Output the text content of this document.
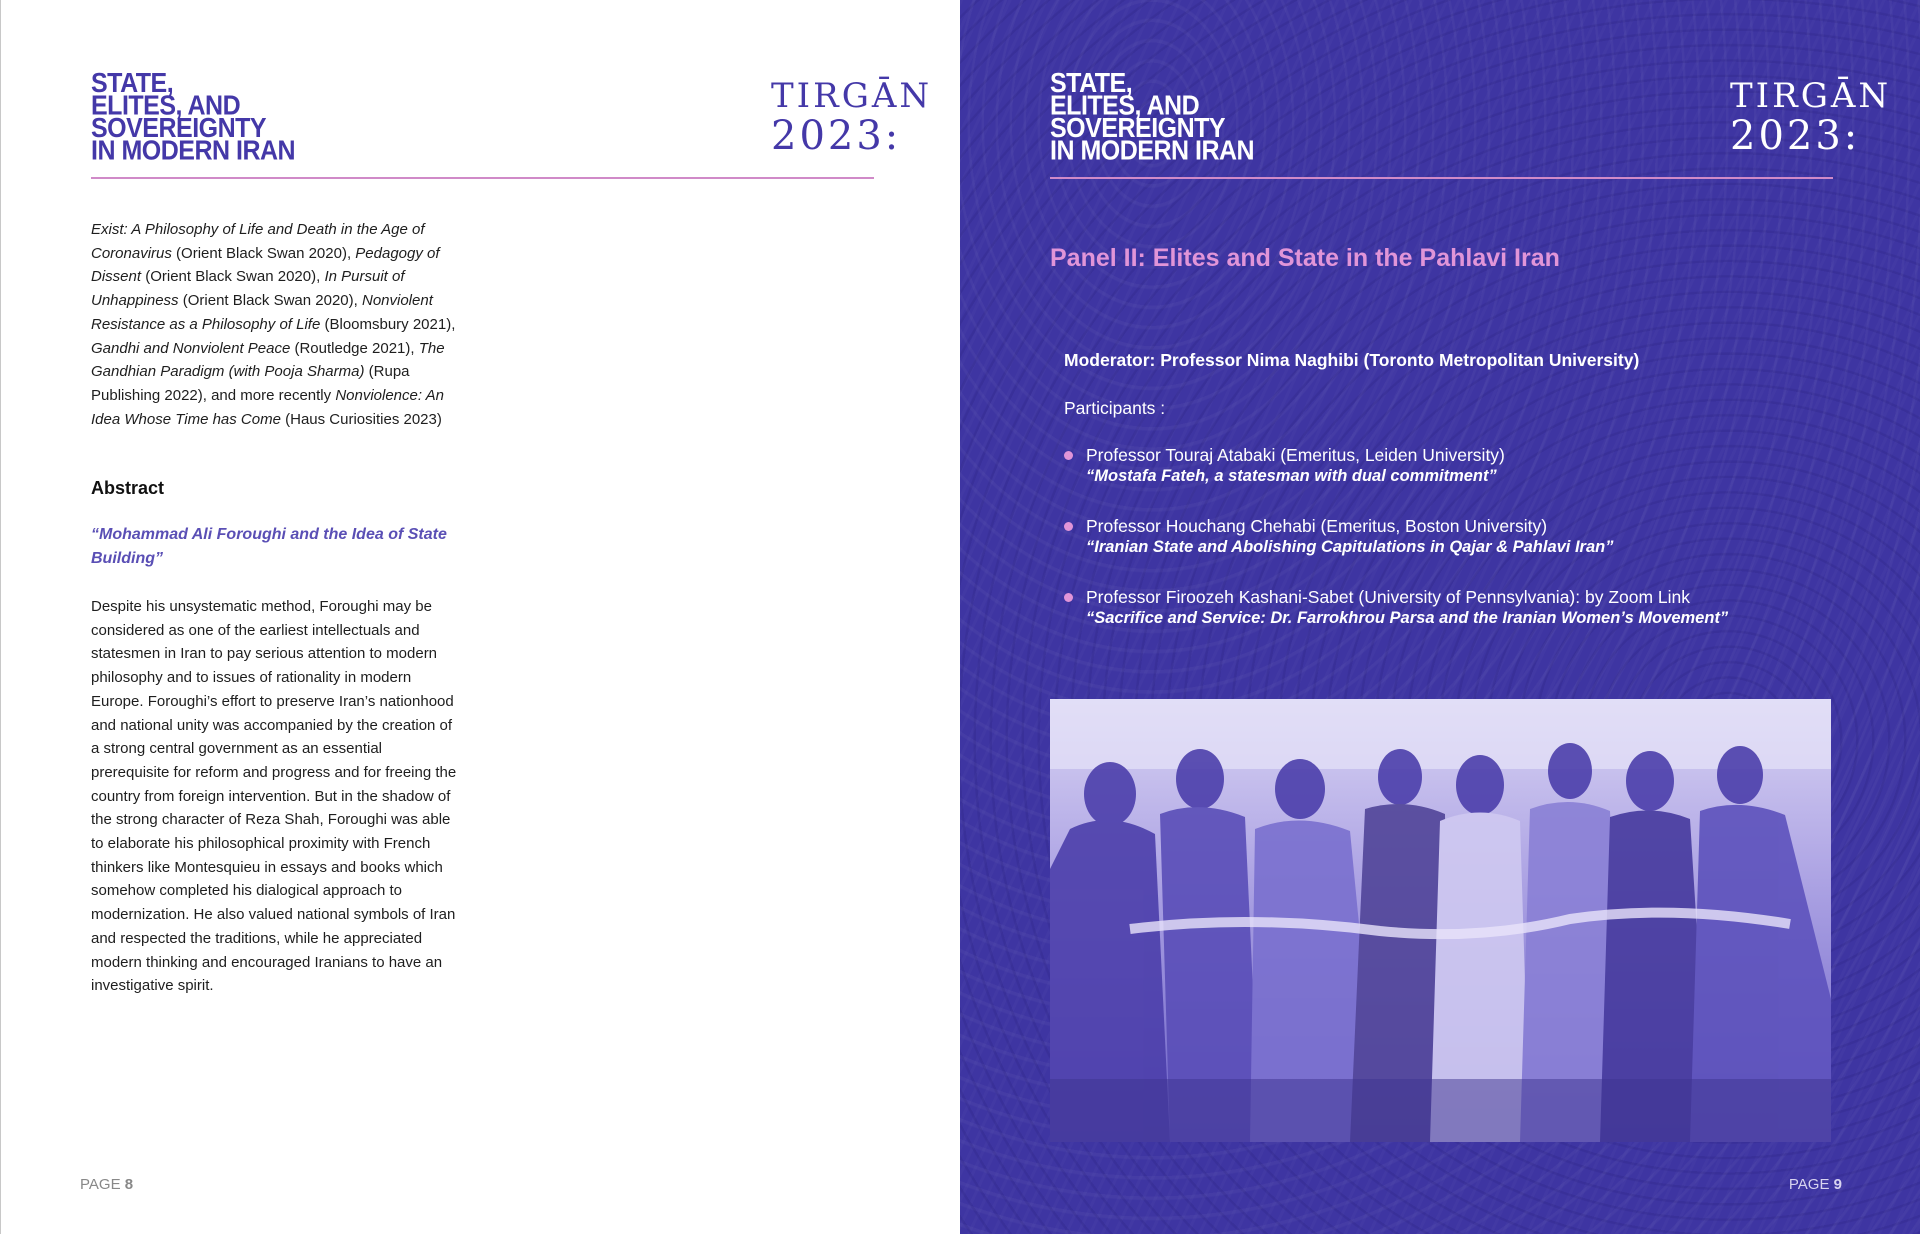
STATE,
ELITES, AND
SOVEREIGNTY
IN MODERN IRAN
TIRGĀN
2023:

Exist: A Philosophy of Life and Death in the Age of Coronavirus (Orient Black Swan 2020), Pedagogy of Dissent (Orient Black Swan 2020), In Pursuit of Unhappiness (Orient Black Swan 2020), Nonviolent Resistance as a Philosophy of Life (Bloomsbury 2021), Gandhi and Nonviolent Peace (Routledge 2021), The Gandhian Paradigm (with Pooja Sharma) (Rupa Publishing 2022), and more recently Nonviolence: An Idea Whose Time has Come (Haus Curiosities 2023)

Abstract

“Mohammad Ali Foroughi and the Idea of State Building”

Despite his unsystematic method, Foroughi may be considered as one of the earliest intellectuals and statesmen in Iran to pay serious attention to modern philosophy and to issues of rationality in modern Europe. Foroughi’s effort to preserve Iran’s nationhood and national unity was accompanied by the creation of a strong central government as an essential prerequisite for reform and progress and for freeing the country from foreign intervention. But in the shadow of the strong character of Reza Shah, Foroughi was able to elaborate his philosophical proximity with French thinkers like Montesquieu in essays and books which somehow completed his dialogical approach to modernization. He also valued national symbols of Iran and respected the traditions, while he appreciated modern thinking and encouraged Iranians to have an investigative spirit.

PAGE 8
STATE,
ELITES, AND
SOVEREIGNTY
IN MODERN IRAN
TIRGĀN
2023:
Panel II: Elites and State in the Pahlavi Iran
Moderator: Professor Nima Naghibi (Toronto Metropolitan University)
Participants :
Professor Touraj Atabaki (Emeritus, Leiden University)
“Mostafa Fateh, a statesman with dual commitment”
Professor Houchang Chehabi (Emeritus, Boston University)
“Iranian State and Abolishing Capitulations in Qajar & Pahlavi Iran”
Professor Firoozeh Kashani-Sabet (University of Pennsylvania): by Zoom Link
“Sacrifice and Service: Dr. Farrokhrou Parsa and the Iranian Women’s Movement”
PAGE 9
